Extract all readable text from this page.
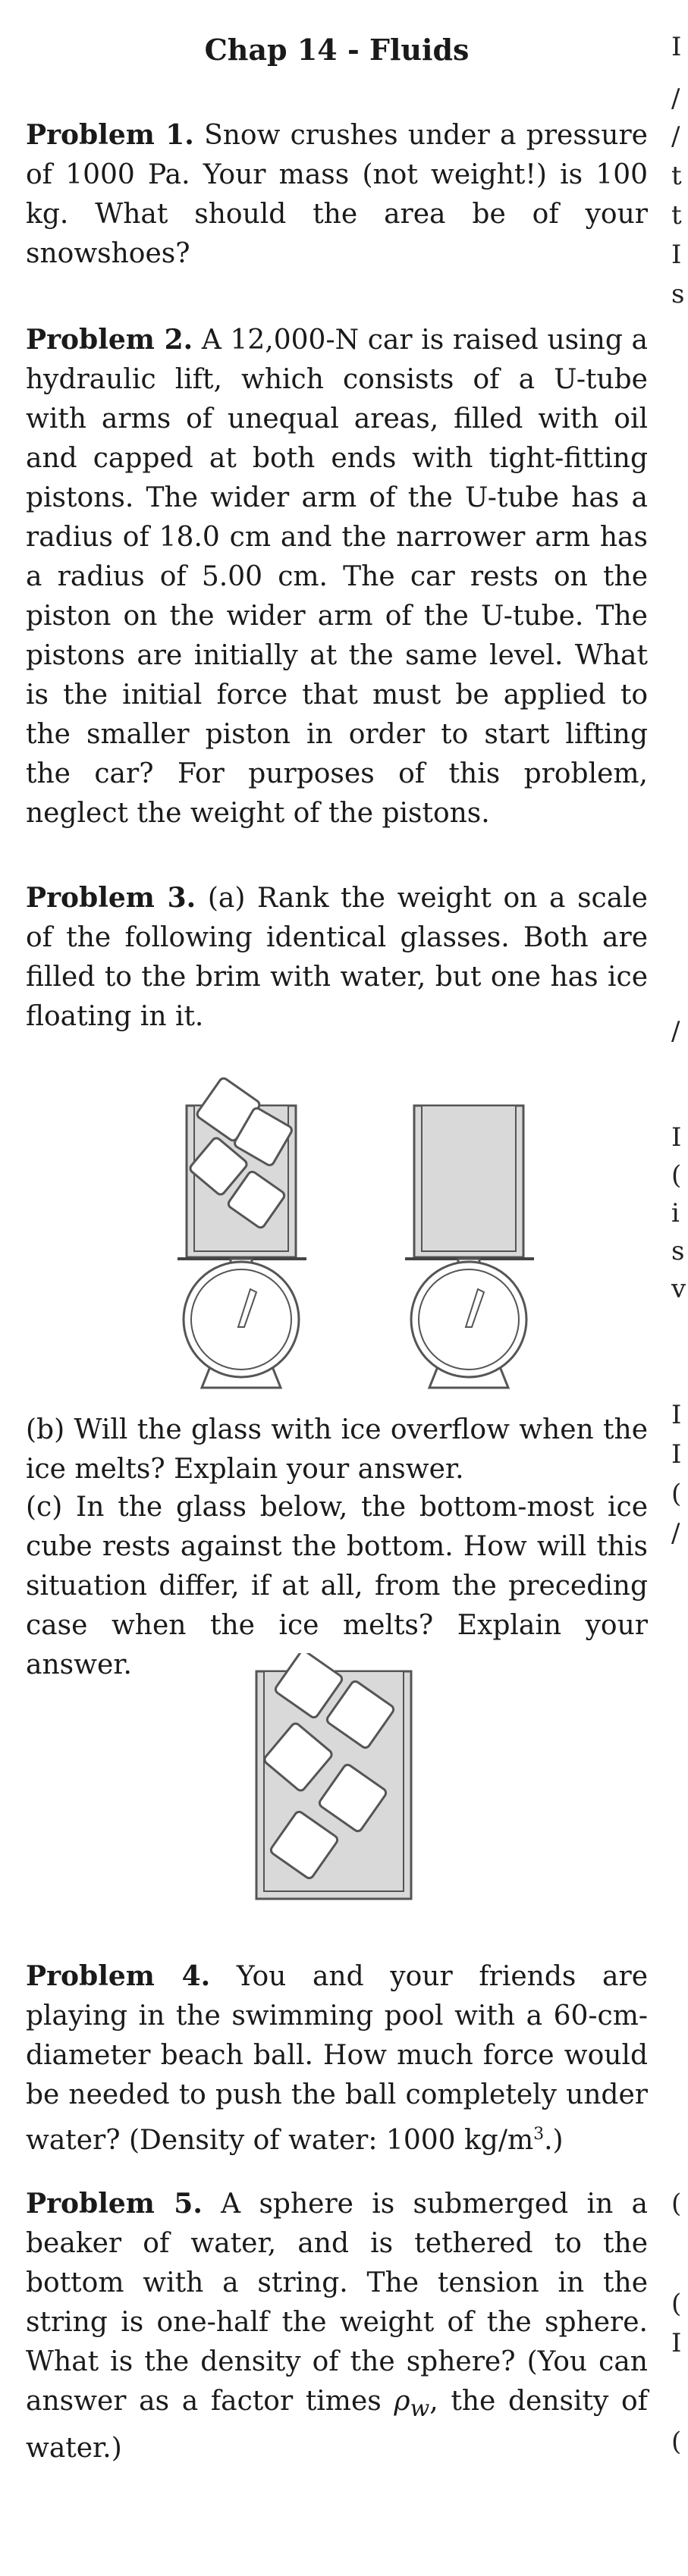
Chap 14 - Fluids
Problem 1. Snow crushes under a pressure of 1000 Pa. Your mass (not weight!) is 100 kg. What should the area be of your snowshoes?
Problem 2. A 12,000-N car is raised using a hydraulic lift, which consists of a U-tube with arms of unequal areas, filled with oil and capped at both ends with tight-fitting pistons. The wider arm of the U-tube has a radius of 18.0 cm and the narrower arm has a radius of 5.00 cm. The car rests on the piston on the wider arm of the U-tube. The pistons are initially at the same level. What is the initial force that must be applied to the smaller piston in order to start lifting the car? For purposes of this problem, neglect the weight of the pistons.
Problem 3. (a) Rank the weight on a scale of the following identical glasses. Both are filled to the brim with water, but one has ice floating in it.
(b) Will the glass with ice overflow when the ice melts? Explain your answer.
(c) In the glass below, the bottom-most ice cube rests against the bottom. How will this situation differ, if at all, from the preceding case when the ice melts? Explain your answer.
Problem 4. You and your friends are playing in the swimming pool with a 60-cm-diameter beach ball. How much force would be needed to push the ball completely under water? (Density of water: 1000 $kg/m^3$.)
Problem 5. A sphere is submerged in a beaker of water, and is tethered to the bottom with a string. The tension in the string is one-half the weight of the sphere. What is the density of the sphere? (You can answer as a factor times $\rho_w$, the density of water.)
I
/
/
t
t
I
s
/
I
(
i
s
v
I
I
(
/
(
(
I
(
